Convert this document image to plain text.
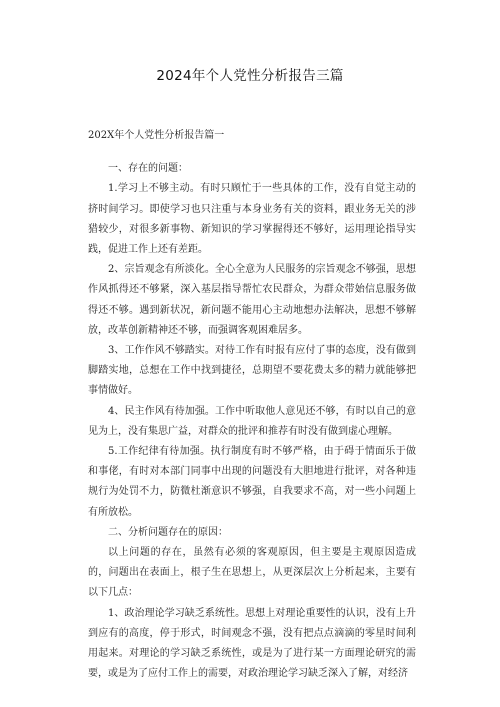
2024年个人党性分析报告三篇

202X年个人党性分析报告篇一

一、存在的问题：

1.学习上不够主动。有时只顾忙于一些具体的工作，没有自觉主动的挤时间学习。即使学习也只注重与本身业务有关的资料，跟业务无关的涉猎较少，对很多新事物、新知识的学习掌握得还不够好，运用理论指导实践，促进工作上还有差距。

2、宗旨观念有所淡化。全心全意为人民服务的宗旨观念不够强，思想作风抓得还不够紧，深入基层指导帮忙农民群众，为群众带始信息服务做得还不够。遇到新状况，新问题不能用心主动地想办法解决，思想不够解放，改革创新精神还不够，而强调客观困难居多。

3、工作作风不够踏实。对待工作有时报有应付了事的态度，没有做到脚踏实地，总想在工作中找到捷径，总期望不要花费太多的精力就能够把事情做好。

4、民主作风有待加强。工作中听取他人意见还不够，有时以自己的意见为上，没有集思广益，对群众的批评和推荐有时没有做到虚心理解。

5.工作纪律有待加强。执行制度有时不够严格，由于碍于情面乐于做和事佬，有时对本部门同事中出现的问题没有大胆地进行批评，对各种违规行为处罚不力，防微杜渐意识不够强，自我要求不高，对一些小问题上有所放松。

二、分析问题存在的原因：

以上问题的存在，虽然有必须的客观原因，但主要是主观原因造成的，问题出在表面上，根子生在思想上，从更深层次上分析起来，主要有以下几点：

1、政治理论学习缺乏系统性。思想上对理论重要性的认识，没有上升到应有的高度，停于形式，时间观念不强，没有把点点滴滴的零星时间利用起来。对理论的学习缺乏系统性，或是为了进行某一方面理论研究的需要，或是为了应付工作上的需要，对政治理论学习缺乏深入了解，对经济
